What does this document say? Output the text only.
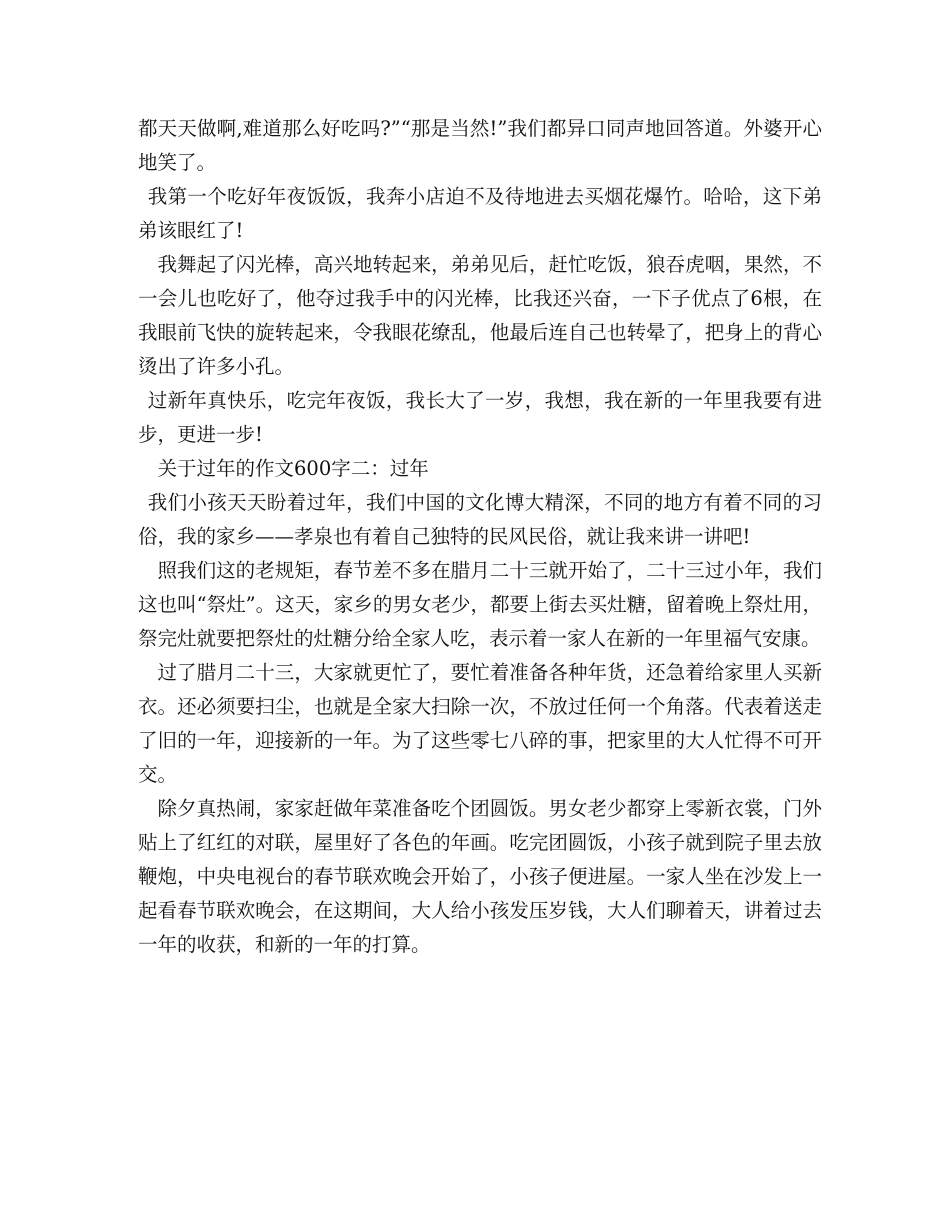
都天天做啊,难道那么好吃吗?”“那是当然!”我们都异口同声地回答道。外婆开心地笑了。

我第一个吃好年夜饭饭，我奔小店迫不及待地进去买烟花爆竹。哈哈，这下弟弟该眼红了!

我舞起了闪光棒，高兴地转起来，弟弟见后，赶忙吃饭，狼吞虎咽，果然，不一会儿也吃好了，他夺过我手中的闪光棒，比我还兴奋，一下子优点了6根，在我眼前飞快的旋转起来，令我眼花缭乱，他最后连自己也转晕了，把身上的背心烫出了许多小孔。

过新年真快乐，吃完年夜饭，我长大了一岁，我想，我在新的一年里我要有进步，更进一步!

关于过年的作文600字二：过年

我们小孩天天盼着过年，我们中国的文化博大精深，不同的地方有着不同的习俗，我的家乡——孝泉也有着自己独特的民风民俗，就让我来讲一讲吧!

照我们这的老规矩，春节差不多在腊月二十三就开始了，二十三过小年，我们这也叫“祭灶”。这天，家乡的男女老少，都要上街去买灶糖，留着晚上祭灶用，祭完灶就要把祭灶的灶糖分给全家人吃，表示着一家人在新的一年里福气安康。

过了腊月二十三，大家就更忙了，要忙着准备各种年货，还急着给家里人买新衣。还必须要扫尘，也就是全家大扫除一次，不放过任何一个角落。代表着送走了旧的一年，迎接新的一年。为了这些零七八碎的事，把家里的大人忙得不可开交。

除夕真热闹，家家赶做年菜准备吃个团圆饭。男女老少都穿上零新衣裳，门外贴上了红红的对联，屋里好了各色的年画。吃完团圆饭，小孩子就到院子里去放鞭炮，中央电视台的春节联欢晚会开始了，小孩子便进屋。一家人坐在沙发上一起看春节联欢晚会，在这期间，大人给小孩发压岁钱，大人们聊着天，讲着过去一年的收获，和新的一年的打算。
